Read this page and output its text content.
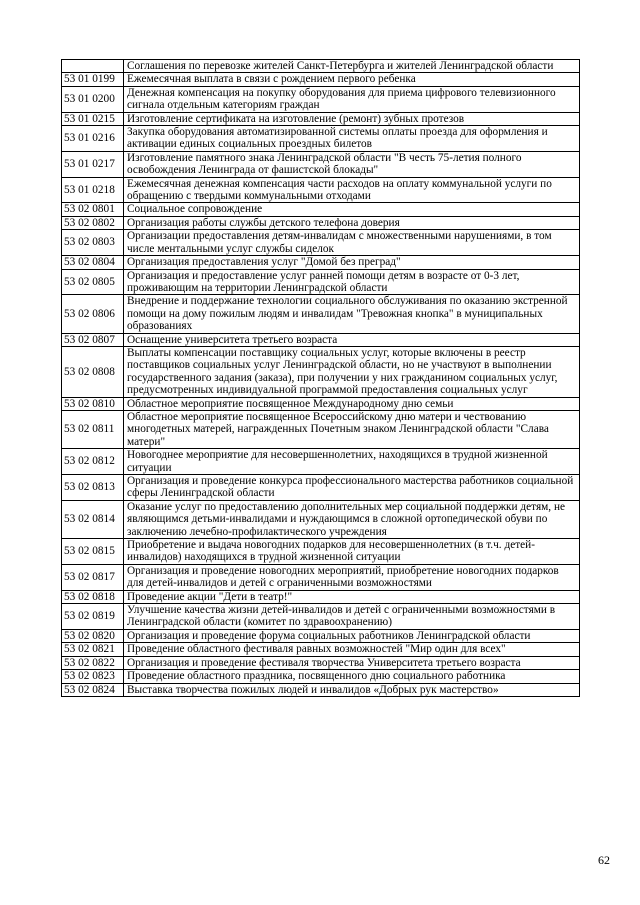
	Соглашения по перевозке жителей Санкт-Петербурга и жителей Ленинградской области
53 01 0199	Ежемесячная выплата в связи с рождением первого ребенка
53 01 0200	Денежная компенсация на покупку оборудования для приема цифрового телевизионного сигнала отдельным категориям граждан
53 01 0215	Изготовление сертификата на изготовление (ремонт) зубных протезов
53 01 0216	Закупка оборудования автоматизированной системы оплаты проезда для оформления и активации единых социальных проездных билетов
53 01 0217	Изготовление памятного знака Ленинградской области "В честь 75-летия полного освобождения Ленинграда от фашистской блокады"
53 01 0218	Ежемесячная денежная компенсация части расходов на оплату коммунальной услуги по обращению с твердыми коммунальными отходами
53 02 0801	Социальное сопровождение
53 02 0802	Организация работы службы детского телефона доверия
53 02 0803	Организации предоставления детям-инвалидам с множественными нарушениями, в том числе ментальными услуг службы сиделок
53 02 0804	Организация предоставления услуг "Домой без преград"
53 02 0805	Организация и предоставление услуг ранней помощи детям в возрасте от 0-3 лет, проживающим на территории Ленинградской области
53 02 0806	Внедрение и поддержание технологии социального обслуживания по оказанию экстренной помощи на дому пожилым людям и инвалидам "Тревожная кнопка" в муниципальных образованиях
53 02 0807	Оснащение университета третьего возраста
53 02 0808	Выплаты компенсации поставщику социальных услуг, которые включены в реестр поставщиков социальных услуг Ленинградской области, но не участвуют в выполнении государственного задания (заказа), при получении у них гражданином социальных услуг, предусмотренных индивидуальной программой предоставления социальных услуг
53 02 0810	Областное мероприятие посвященное Международному дню семьи
53 02 0811	Областное мероприятие посвященное Всероссийскому дню матери и чествованию многодетных матерей, награжденных Почетным знаком Ленинградской области "Слава матери"
53 02 0812	Новогоднее мероприятие для несовершеннолетних, находящихся в трудной жизненной ситуации
53 02 0813	Организация и проведение конкурса профессионального мастерства работников социальной сферы Ленинградской области
53 02 0814	Оказание услуг по предоставлению дополнительных мер социальной поддержки детям, не являющимся детьми-инвалидами и нуждающимся в сложной ортопедической обуви по заключению лечебно-профилактического учреждения
53 02 0815	Приобретение и выдача новогодних подарков для несовершеннолетних (в т.ч. детей-инвалидов) находящихся в трудной жизненной ситуации
53 02 0817	Организация и проведение новогодних мероприятий, приобретение новогодних подарков для детей-инвалидов и детей с ограниченными возможностями
53 02 0818	Проведение акции "Дети в театр!"
53 02 0819	Улучшение качества жизни детей-инвалидов и детей с ограниченными возможностями в Ленинградской области (комитет по здравоохранению)
53 02 0820	Организация и проведение форума социальных работников Ленинградской области
53 02 0821	Проведение областного фестиваля равных возможностей "Мир один для всех"
53 02 0822	Организация и проведение фестиваля творчества Университета третьего возраста
53 02 0823	Проведение областного праздника, посвященного дню социального работника
53 02 0824	Выставка творчества пожилых людей и инвалидов «Добрых рук мастерство»
62
